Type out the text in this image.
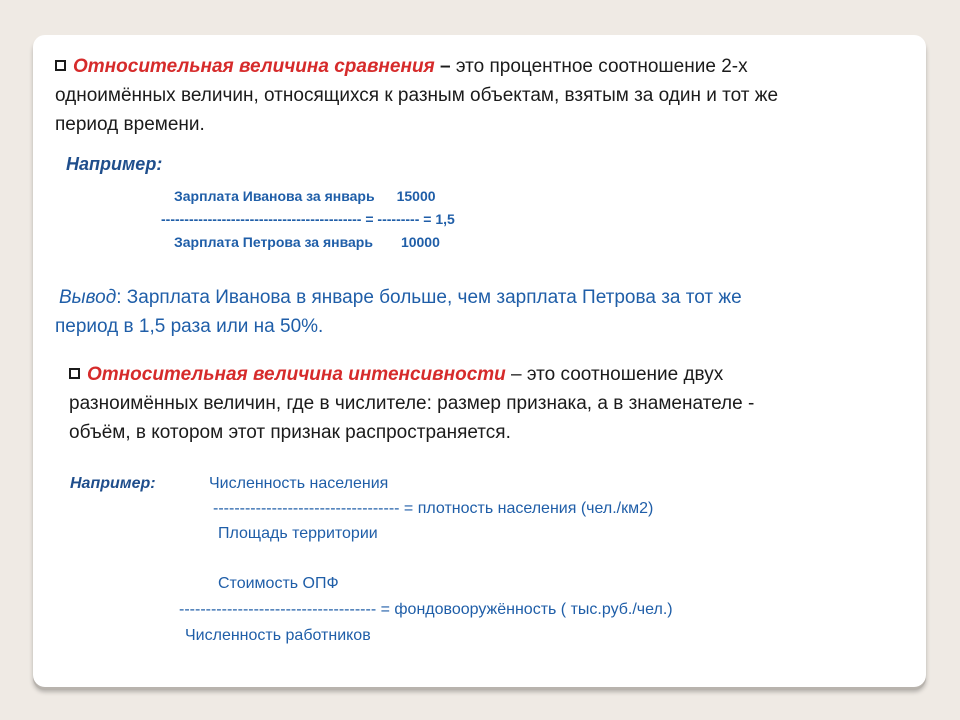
Относительная величина сравнения – это процентное соотношение 2-х
одноимённых величин, относящихся к разным объектам, взятым за один и тот же
период времени.
Например:
Зарплата Иванова за январь 15000
------------------------------------------- = --------- = 1,5
Зарплата Петрова за январь 10000
Вывод: Зарплата Иванова в январе больше, чем зарплата Петрова за тот же
период в 1,5 раза или на 50%.
Относительная величина интенсивности – это соотношение двух
разноимённых величин, где в числителе: размер признака, а в знаменателе -
объём, в котором этот признак распространяется.
Например:	Численность населения
----------------------------------- = плотность населения (чел./км2)
Площадь территории
Стоимость ОПФ
------------------------------------- = фондовооружённость ( тыс.руб./чел.)
Численность работников
